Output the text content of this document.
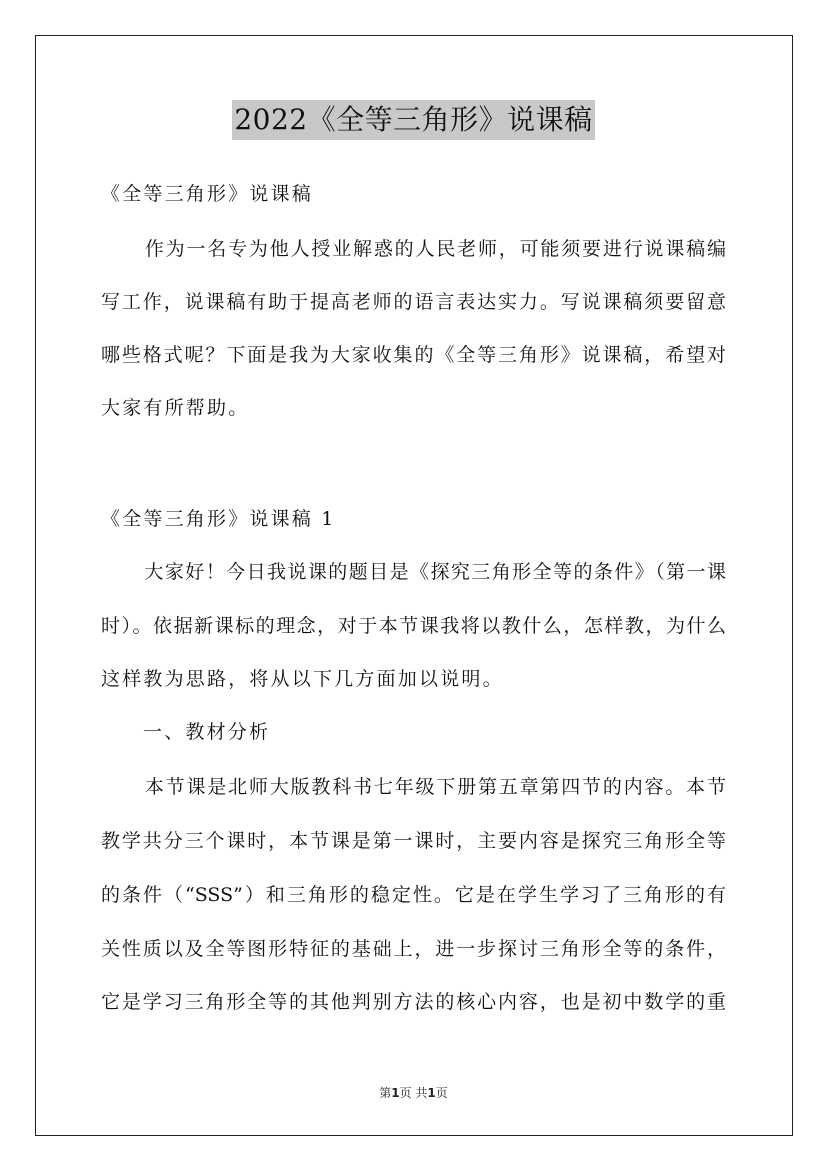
2022《全等三角形》说课稿
《全等三角形》说课稿
作为一名专为他人授业解惑的人民老师，可能须要进行说课稿编
写工作，说课稿有助于提高老师的语言表达实力。写说课稿须要留意
哪些格式呢？下面是我为大家收集的《全等三角形》说课稿，希望对
大家有所帮助。
《全等三角形》说课稿 1
大家好！今日我说课的题目是《探究三角形全等的条件》（第一课
时）。依据新课标的理念，对于本节课我将以教什么，怎样教，为什么
这样教为思路，将从以下几方面加以说明。
一、教材分析
本节课是北师大版教科书七年级下册第五章第四节的内容。本节
教学共分三个课时，本节课是第一课时，主要内容是探究三角形全等
的条件（“SSS”）和三角形的稳定性。它是在学生学习了三角形的有
关性质以及全等图形特征的基础上，进一步探讨三角形全等的条件，
它是学习三角形全等的其他判别方法的核心内容，也是初中数学的重
第1页 共1页
